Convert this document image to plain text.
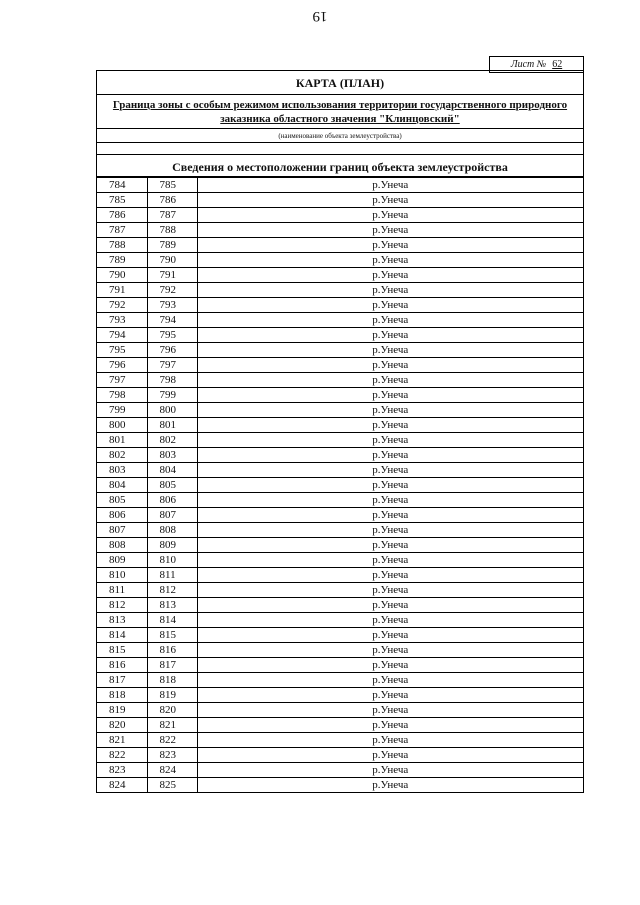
19
Лист № 62
КАРТА (ПЛАН)
Граница зоны с особым режимом использования территории государственного природного заказника областного значения "Клинцовский"
(наименование объекта землеустройства)
Сведения о местоположении границ объекта землеустройства
784	785	р.Унеча
785	786	р.Унеча
786	787	р.Унеча
787	788	р.Унеча
788	789	р.Унеча
789	790	р.Унеча
790	791	р.Унеча
791	792	р.Унеча
792	793	р.Унеча
793	794	р.Унеча
794	795	р.Унеча
795	796	р.Унеча
796	797	р.Унеча
797	798	р.Унеча
798	799	р.Унеча
799	800	р.Унеча
800	801	р.Унеча
801	802	р.Унеча
802	803	р.Унеча
803	804	р.Унеча
804	805	р.Унеча
805	806	р.Унеча
806	807	р.Унеча
807	808	р.Унеча
808	809	р.Унеча
809	810	р.Унеча
810	811	р.Унеча
811	812	р.Унеча
812	813	р.Унеча
813	814	р.Унеча
814	815	р.Унеча
815	816	р.Унеча
816	817	р.Унеча
817	818	р.Унеча
818	819	р.Унеча
819	820	р.Унеча
820	821	р.Унеча
821	822	р.Унеча
822	823	р.Унеча
823	824	р.Унеча
824	825	р.Унеча
